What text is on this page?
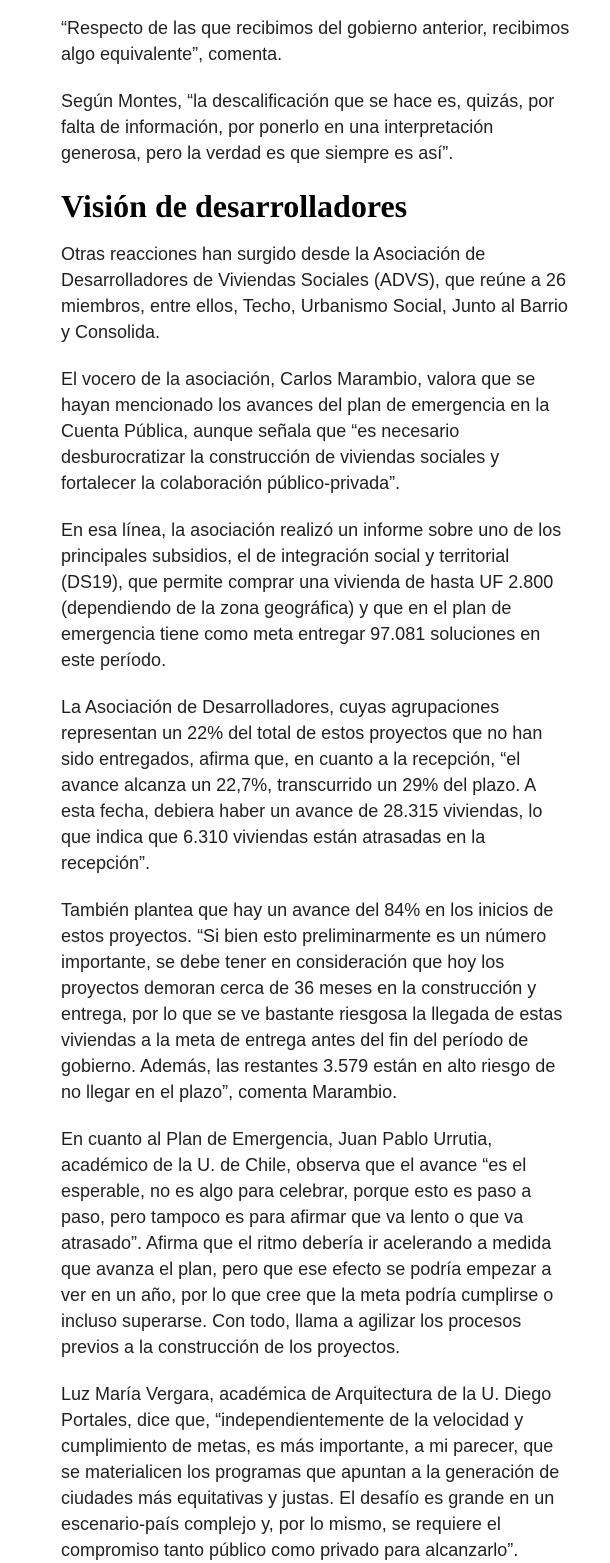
“Respecto de las que recibimos del gobierno anterior, recibimos algo equivalente”, comenta.

Según Montes, “la descalificación que se hace es, quizás, por falta de información, por ponerlo en una interpretación generosa, pero la verdad es que siempre es así”.

Visión de desarrolladores

Otras reacciones han surgido desde la Asociación de Desarrolladores de Viviendas Sociales (ADVS), que reúne a 26 miembros, entre ellos, Techo, Urbanismo Social, Junto al Barrio y Consolida.

El vocero de la asociación, Carlos Marambio, valora que se hayan mencionado los avances del plan de emergencia en la Cuenta Pública, aunque señala que “es necesario desburocratizar la construcción de viviendas sociales y fortalecer la colaboración público-privada”.

En esa línea, la asociación realizó un informe sobre uno de los principales subsidios, el de integración social y territorial (DS19), que permite comprar una vivienda de hasta UF 2.800 (dependiendo de la zona geográfica) y que en el plan de emergencia tiene como meta entregar 97.081 soluciones en este período.

La Asociación de Desarrolladores, cuyas agrupaciones representan un 22% del total de estos proyectos que no han sido entregados, afirma que, en cuanto a la recepción, “el avance alcanza un 22,7%, transcurrido un 29% del plazo. A esta fecha, debiera haber un avance de 28.315 viviendas, lo que indica que 6.310 viviendas están atrasadas en la recepción”.

También plantea que hay un avance del 84% en los inicios de estos proyectos. “Si bien esto preliminarmente es un número importante, se debe tener en consideración que hoy los proyectos demoran cerca de 36 meses en la construcción y entrega, por lo que se ve bastante riesgosa la llegada de estas viviendas a la meta de entrega antes del fin del período de gobierno. Además, las restantes 3.579 están en alto riesgo de no llegar en el plazo”, comenta Marambio.

En cuanto al Plan de Emergencia, Juan Pablo Urrutia, académico de la U. de Chile, observa que el avance “es el esperable, no es algo para celebrar, porque esto es paso a paso, pero tampoco es para afirmar que va lento o que va atrasado”. Afirma que el ritmo debería ir acelerando a medida que avanza el plan, pero que ese efecto se podría empezar a ver en un año, por lo que cree que la meta podría cumplirse o incluso superarse. Con todo, llama a agilizar los procesos previos a la construcción de los proyectos.

Luz María Vergara, académica de Arquitectura de la U. Diego Portales, dice que, “independientemente de la velocidad y cumplimiento de metas, es más importante, a mi parecer, que se materialicen los programas que apuntan a la generación de ciudades más equitativas y justas. El desafío es grande en un escenario-país complejo y, por lo mismo, se requiere el compromiso tanto público como privado para alcanzarlo”.
